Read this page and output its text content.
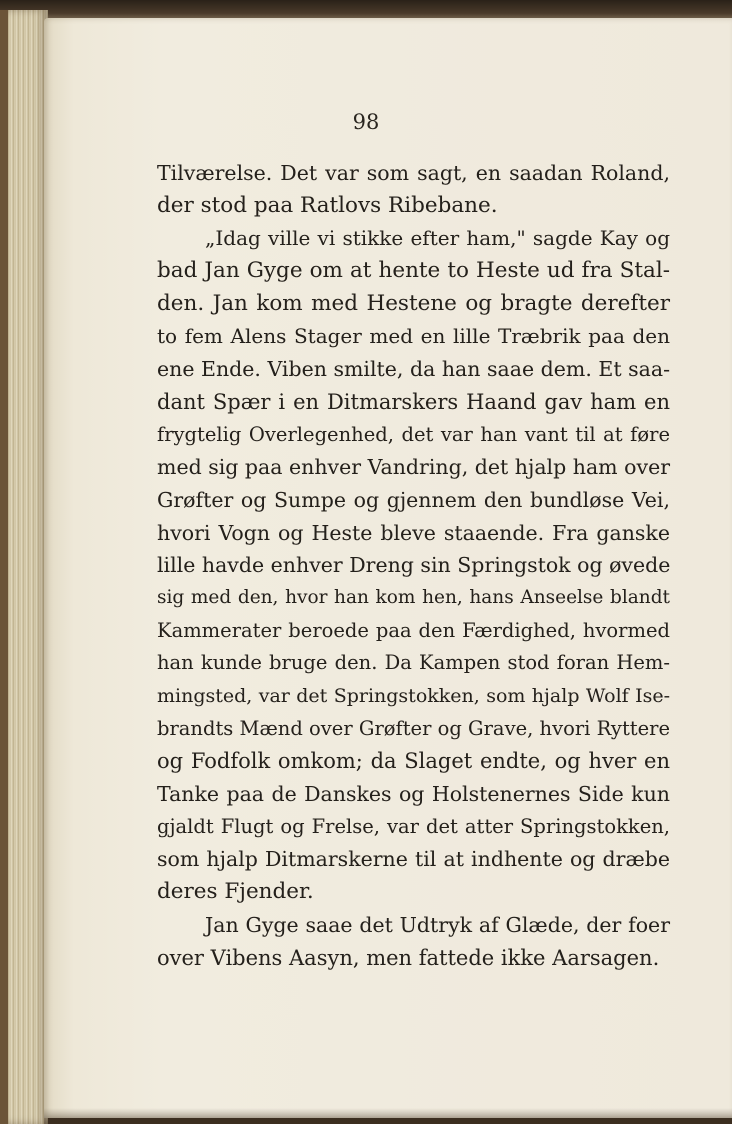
98
Tilværelse. Det var som sagt, en saadan Roland,
der stod paa Ratlovs Ribebane.
„Idag ville vi stikke efter ham," sagde Kay og
bad Jan Gyge om at hente to Heste ud fra Stal-
den. Jan kom med Hestene og bragte derefter
to fem Alens Stager med en lille Træbrik paa den
ene Ende. Viben smilte, da han saae dem. Et saa-
dant Spær i en Ditmarskers Haand gav ham en
frygtelig Overlegenhed, det var han vant til at føre
med sig paa enhver Vandring, det hjalp ham over
Grøfter og Sumpe og gjennem den bundløse Vei,
hvori Vogn og Heste bleve staaende. Fra ganske
lille havde enhver Dreng sin Springstok og øvede
sig med den, hvor han kom hen, hans Anseelse blandt
Kammerater beroede paa den Færdighed, hvormed
han kunde bruge den. Da Kampen stod foran Hem-
mingsted, var det Springstokken, som hjalp Wolf Ise-
brandts Mænd over Grøfter og Grave, hvori Ryttere
og Fodfolk omkom; da Slaget endte, og hver en
Tanke paa de Danskes og Holstenernes Side kun
gjaldt Flugt og Frelse, var det atter Springstokken,
som hjalp Ditmarskerne til at indhente og dræbe
deres Fjender.
Jan Gyge saae det Udtryk af Glæde, der foer
over Vibens Aasyn, men fattede ikke Aarsagen.
